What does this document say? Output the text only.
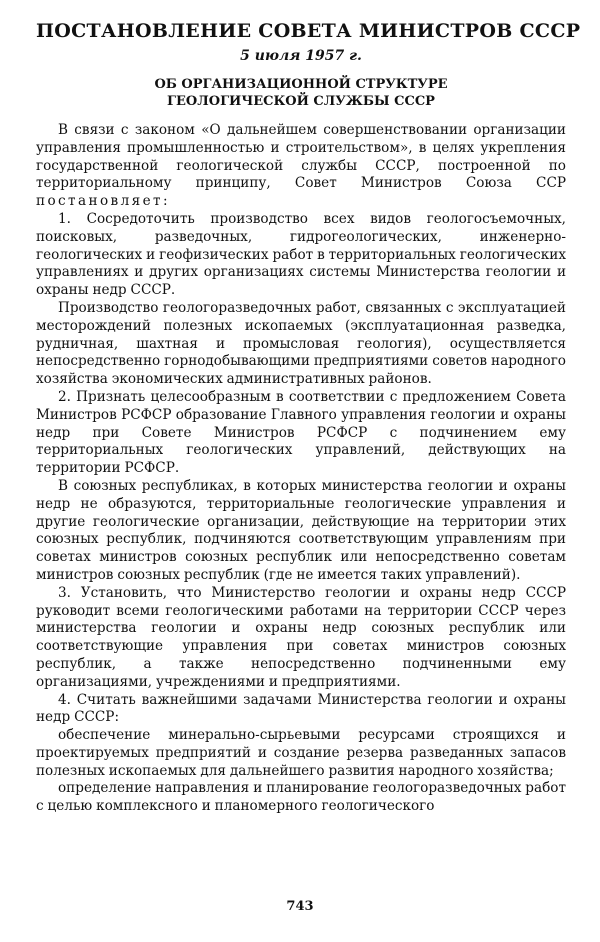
ПОСТАНОВЛЕНИЕ СОВЕТА МИНИСТРОВ СССР
5 июля 1957 г.
ОБ ОРГАНИЗАЦИОННОЙ СТРУКТУРЕ
ГЕОЛОГИЧЕСКОЙ СЛУЖБЫ СССР

В связи с законом «О дальнейшем совершенствовании организации управления промышленностью и строительством», в целях укрепления государственной геологической службы СССР, построенной по территориальному принципу, Совет Министров Союза ССР постановляет:

1. Сосредоточить производство всех видов геологосъемочных, поисковых, разведочных, гидрогеологических, инженерно-геологических и геофизических работ в территориальных геологических управлениях и других организациях системы Министерства геологии и охраны недр СССР.

Производство геологоразведочных работ, связанных с эксплуатацией месторождений полезных ископаемых (эксплуатационная разведка, рудничная, шахтная и промысловая геология), осуществляется непосредственно горнодобывающими предприятиями советов народного хозяйства экономических административных районов.

2. Признать целесообразным в соответствии с предложением Совета Министров РСФСР образование Главного управления геологии и охраны недр при Совете Министров РСФСР с подчинением ему территориальных геологических управлений, действующих на территории РСФСР.

В союзных республиках, в которых министерства геологии и охраны недр не образуются, территориальные геологические управления и другие геологические организации, действующие на территории этих союзных республик, подчиняются соответствующим управлениям при советах министров союзных республик или непосредственно советам министров союзных республик (где не имеется таких управлений).

3. Установить, что Министерство геологии и охраны недр СССР руководит всеми геологическими работами на территории СССР через министерства геологии и охраны недр союзных республик или соответствующие управления при советах министров союзных республик, а также непосредственно подчиненными ему организациями, учреждениями и предприятиями.

4. Считать важнейшими задачами Министерства геологии и охраны недр СССР:

обеспечение минерально-сырьевыми ресурсами строящихся и проектируемых предприятий и создание резерва разведанных запасов полезных ископаемых для дальнейшего развития народного хозяйства;

определение направления и планирование геологоразведочных работ с целью комплексного и планомерного геологического

743
